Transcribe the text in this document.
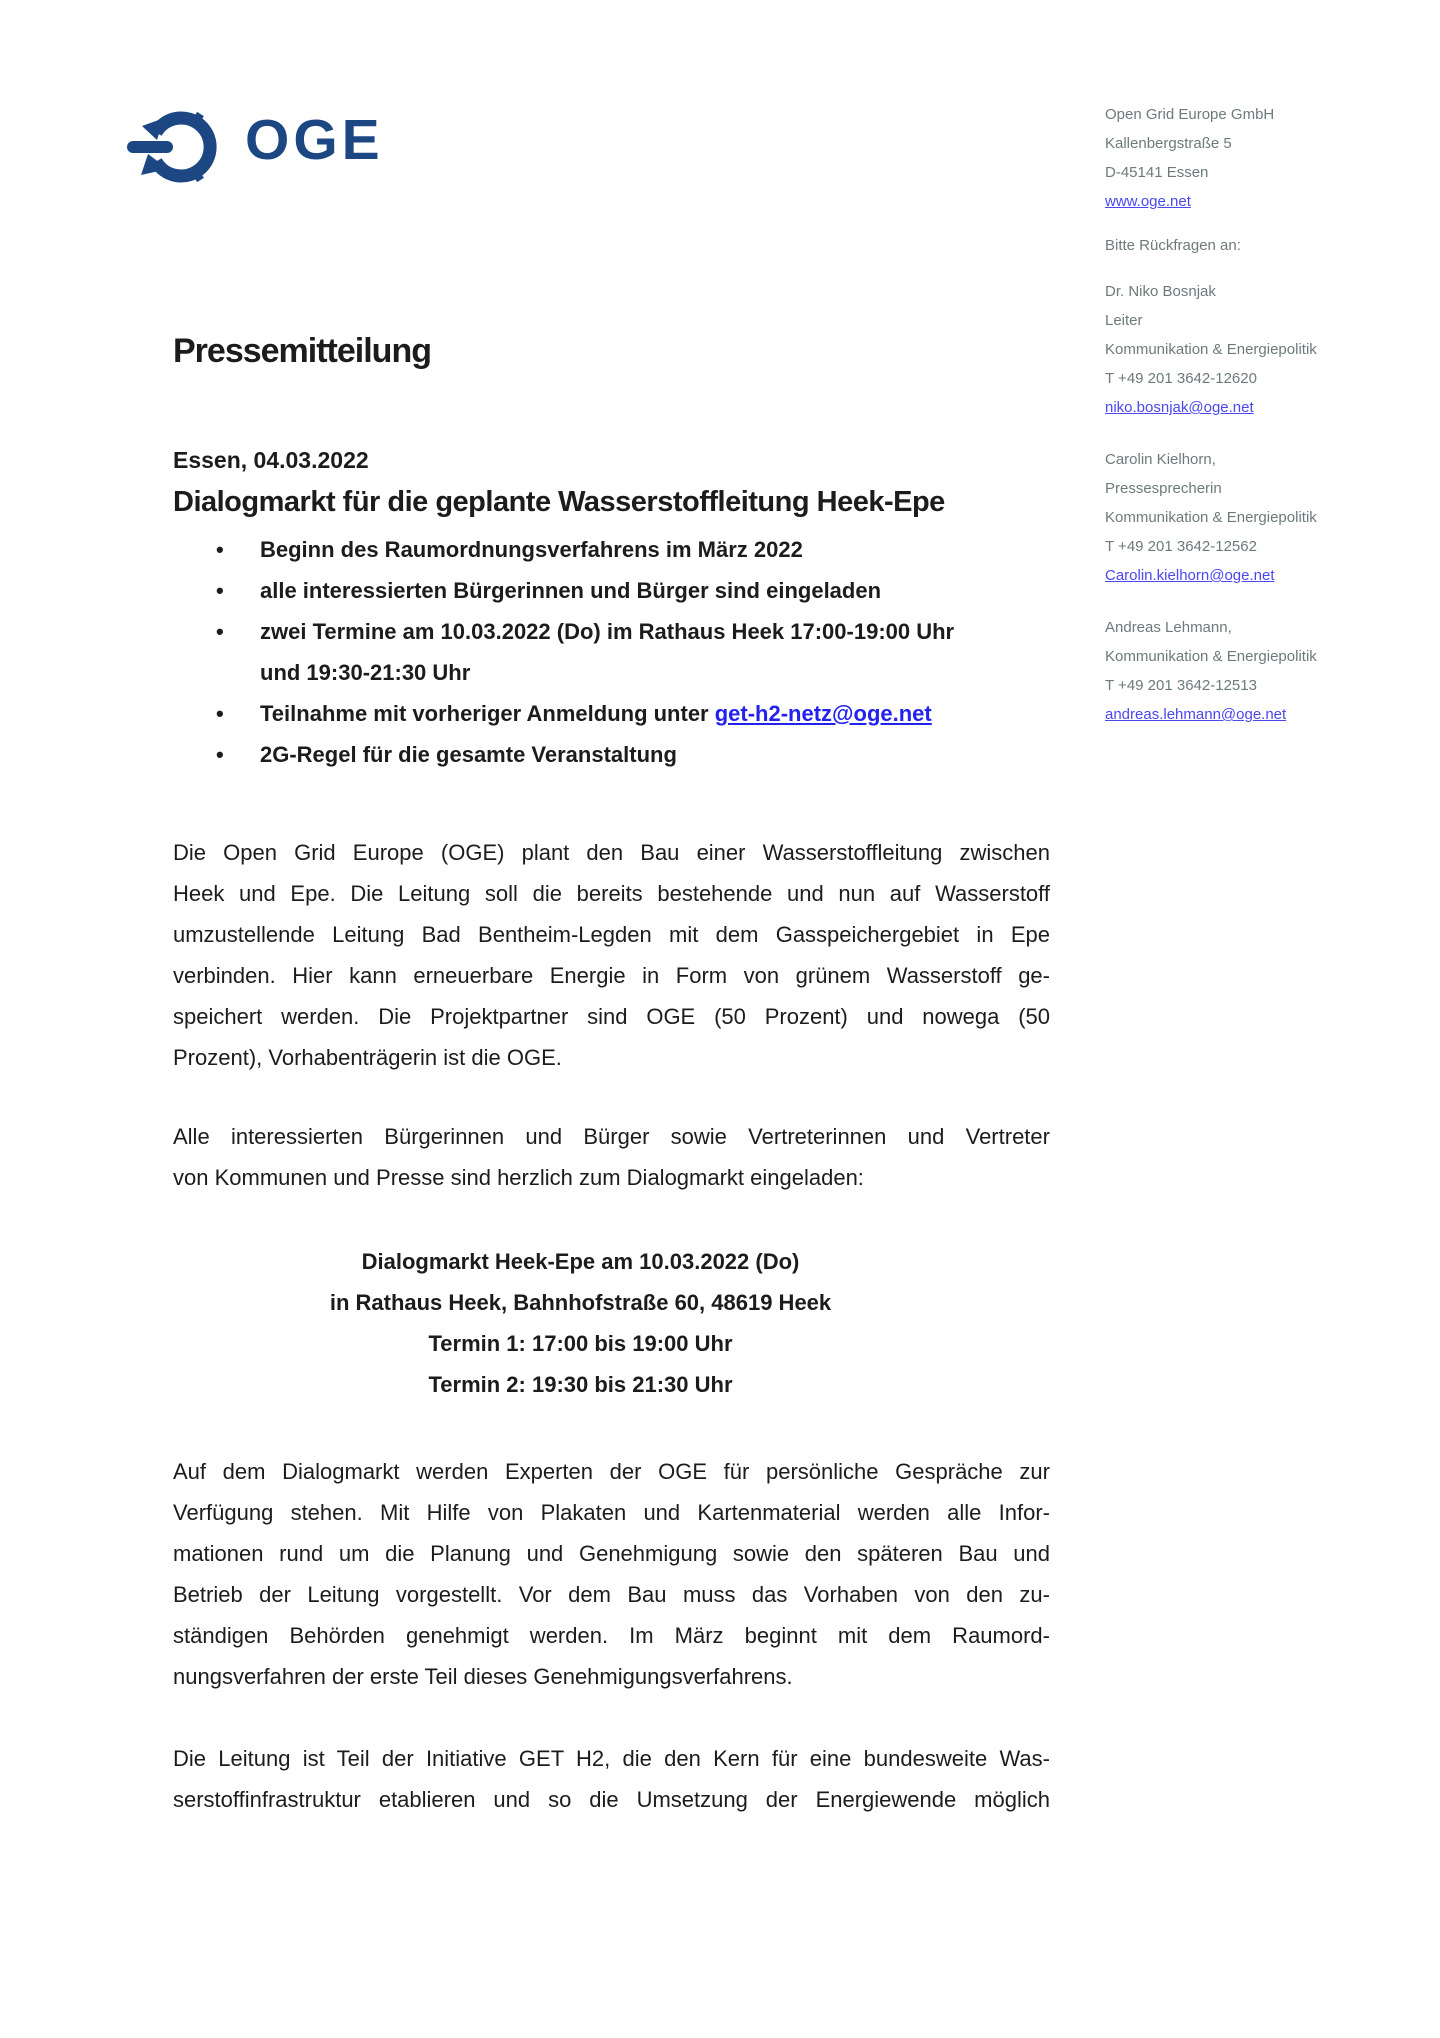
OGE	Open Grid Europe GmbH
Kallenbergstraße 5
D-45141 Essen
www.oge.net
Bitte Rückfragen an:
Dr. Niko Bosnjak
Leiter
Kommunikation & Energiepolitik
T +49 201 3642-12620
niko.bosnjak@oge.net
Carolin Kielhorn,
Pressesprecherin
Kommunikation & Energiepolitik
T +49 201 3642-12562
Carolin.kielhorn@oge.net
Andreas Lehmann,
Kommunikation & Energiepolitik
T +49 201 3642-12513
andreas.lehmann@oge.net
Pressemitteilung

Essen, 04.03.2022

Dialogmarkt für die geplante Wasserstoffleitung Heek-Epe
• Beginn des Raumordnungsverfahrens im März 2022
• alle interessierten Bürgerinnen und Bürger sind eingeladen
• zwei Termine am 10.03.2022 (Do) im Rathaus Heek 17:00-19:00 Uhr
und 19:30-21:30 Uhr
• Teilnahme mit vorheriger Anmeldung unter get-h2-netz@oge.net
• 2G-Regel für die gesamte Veranstaltung
Die Open Grid Europe (OGE) plant den Bau einer Wasserstoffleitung zwischen
Heek und Epe. Die Leitung soll die bereits bestehende und nun auf Wasserstoff
umzustellende Leitung Bad Bentheim-Legden mit dem Gasspeichergebiet in Epe
verbinden. Hier kann erneuerbare Energie in Form von grünem Wasserstoff ge-
speichert werden. Die Projektpartner sind OGE (50 Prozent) und nowega (50
Prozent), Vorhabenträgerin ist die OGE.
Alle interessierten Bürgerinnen und Bürger sowie Vertreterinnen und Vertreter
von Kommunen und Presse sind herzlich zum Dialogmarkt eingeladen:
Dialogmarkt Heek-Epe am 10.03.2022 (Do)
in Rathaus Heek, Bahnhofstraße 60, 48619 Heek
Termin 1: 17:00 bis 19:00 Uhr
Termin 2: 19:30 bis 21:30 Uhr
Auf dem Dialogmarkt werden Experten der OGE für persönliche Gespräche zur
Verfügung stehen. Mit Hilfe von Plakaten und Kartenmaterial werden alle Infor-
mationen rund um die Planung und Genehmigung sowie den späteren Bau und
Betrieb der Leitung vorgestellt. Vor dem Bau muss das Vorhaben von den zu-
ständigen Behörden genehmigt werden. Im März beginnt mit dem Raumord-
nungsverfahren der erste Teil dieses Genehmigungsverfahrens.
Die Leitung ist Teil der Initiative GET H2, die den Kern für eine bundesweite Was-
serstoffinfrastruktur etablieren und so die Umsetzung der Energiewende möglich
